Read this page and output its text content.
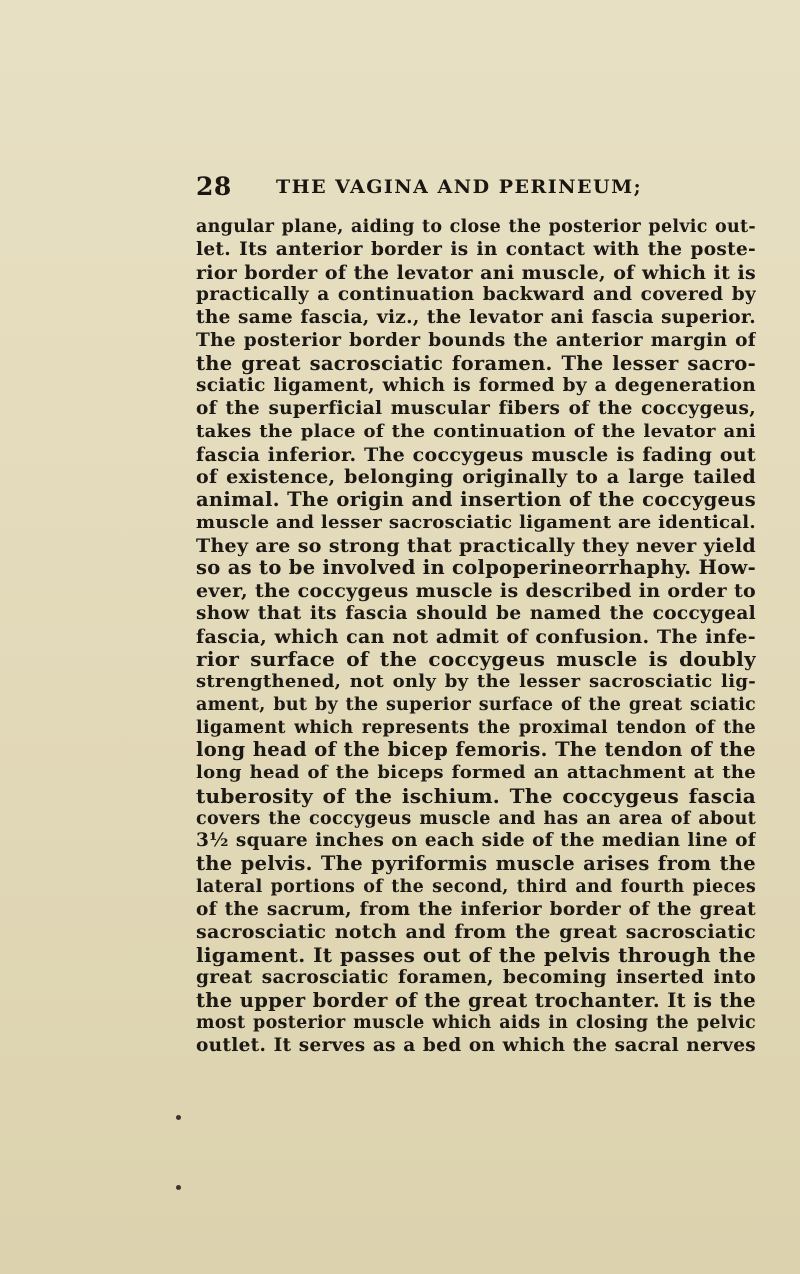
28 THE VAGINA AND PERINEUM;
angular plane, aiding to close the posterior pelvic out-
let. Its anterior border is in contact with the poste-
rior border of the levator ani muscle, of which it is
practically a continuation backward and covered by
the same fascia, viz., the levator ani fascia superior.
The posterior border bounds the anterior margin of
the great sacrosciatic foramen. The lesser sacro-
sciatic ligament, which is formed by a degeneration
of the superficial muscular fibers of the coccygeus,
takes the place of the continuation of the levator ani
fascia inferior. The coccygeus muscle is fading out
of existence, belonging originally to a large tailed
animal. The origin and insertion of the coccygeus
muscle and lesser sacrosciatic ligament are identical.
They are so strong that practically they never yield
so as to be involved in colpoperineorrhaphy. How-
ever, the coccygeus muscle is described in order to
show that its fascia should be named the coccygeal
fascia, which can not admit of confusion. The infe-
rior surface of the coccygeus muscle is doubly
strengthened, not only by the lesser sacrosciatic lig-
ament, but by the superior surface of the great sciatic
ligament which represents the proximal tendon of the
long head of the bicep femoris. The tendon of the
long head of the biceps formed an attachment at the
tuberosity of the ischium. The coccygeus fascia
covers the coccygeus muscle and has an area of about
3½ square inches on each side of the median line of
the pelvis. The pyriformis muscle arises from the
lateral portions of the second, third and fourth pieces
of the sacrum, from the inferior border of the great
sacrosciatic notch and from the great sacrosciatic
ligament. It passes out of the pelvis through the
great sacrosciatic foramen, becoming inserted into
the upper border of the great trochanter. It is the
most posterior muscle which aids in closing the pelvic
outlet. It serves as a bed on which the sacral nerves
